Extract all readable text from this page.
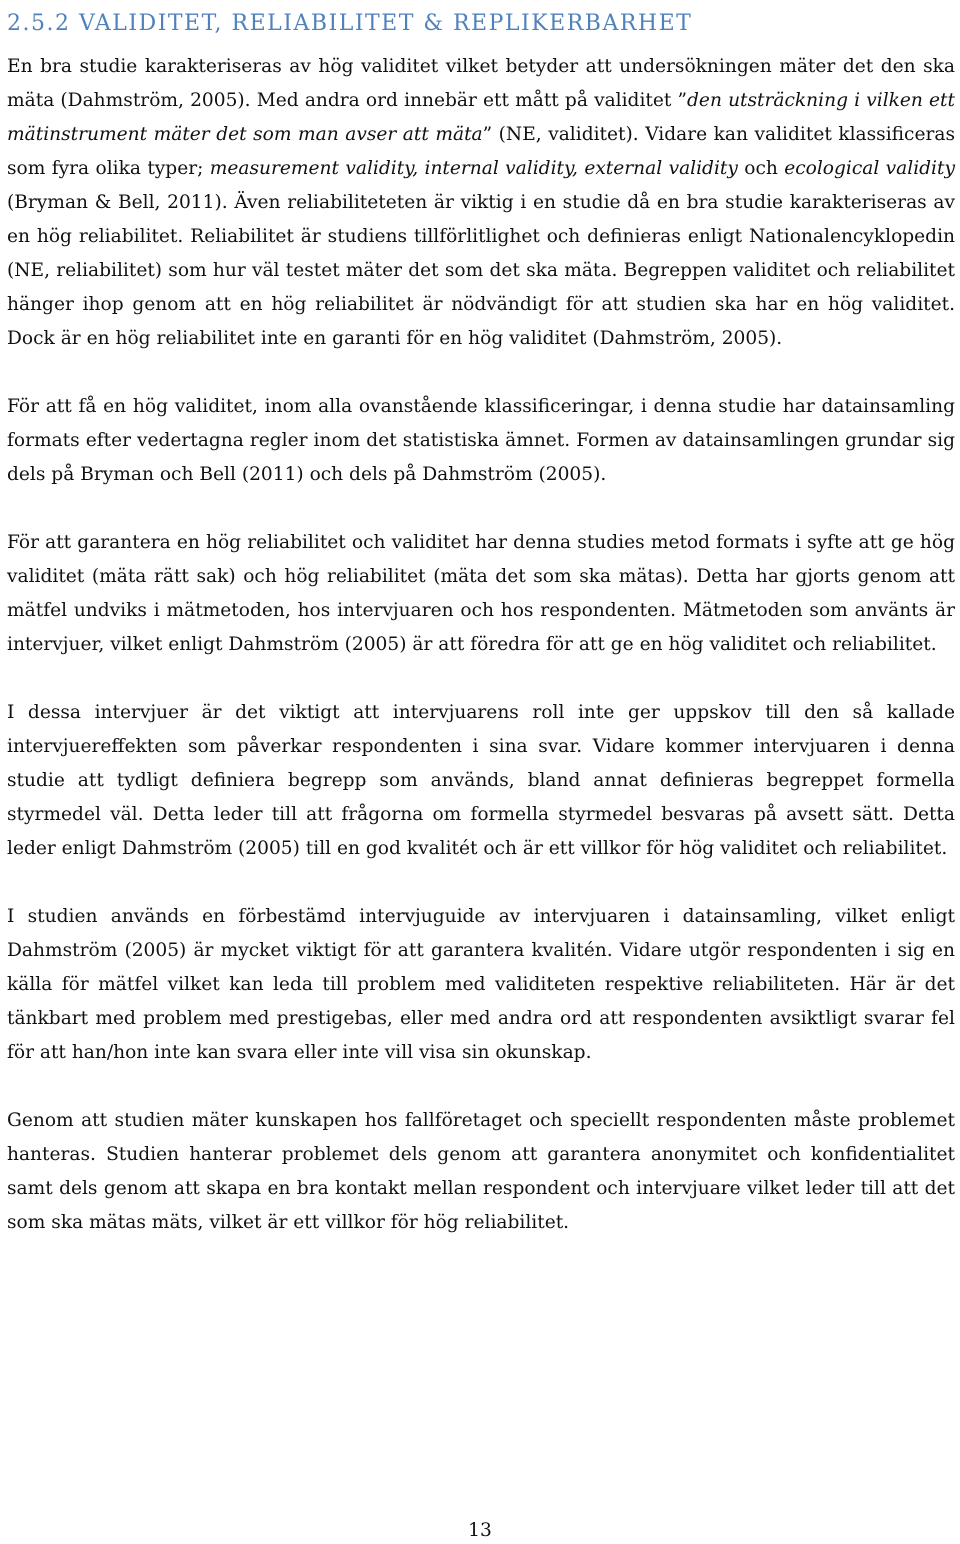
2.5.2 VALIDITET, RELIABILITET & REPLIKERBARHET

En bra studie karakteriseras av hög validitet vilket betyder att undersökningen mäter det den ska mäta (Dahmström, 2005). Med andra ord innebär ett mått på validitet ”den utsträckning i vilken ett mätinstrument mäter det som man avser att mäta” (NE, validitet). Vidare kan validitet klassificeras som fyra olika typer; measurement validity, internal validity, external validity och ecological validity (Bryman & Bell, 2011). Även reliabiliteteten är viktig i en studie då en bra studie karakteriseras av en hög reliabilitet. Reliabilitet är studiens tillförlitlighet och definieras enligt Nationalencyklopedin (NE, reliabilitet) som hur väl testet mäter det som det ska mäta. Begreppen validitet och reliabilitet hänger ihop genom att en hög reliabilitet är nödvändigt för att studien ska har en hög validitet. Dock är en hög reliabilitet inte en garanti för en hög validitet (Dahmström, 2005).

För att få en hög validitet, inom alla ovanstående klassificeringar, i denna studie har datainsamling formats efter vedertagna regler inom det statistiska ämnet. Formen av datainsamlingen grundar sig dels på Bryman och Bell (2011) och dels på Dahmström (2005).

För att garantera en hög reliabilitet och validitet har denna studies metod formats i syfte att ge hög validitet (mäta rätt sak) och hög reliabilitet (mäta det som ska mätas). Detta har gjorts genom att mätfel undviks i mätmetoden, hos intervjuaren och hos respondenten. Mätmetoden som använts är intervjuer, vilket enligt Dahmström (2005) är att föredra för att ge en hög validitet och reliabilitet.

I dessa intervjuer är det viktigt att intervjuarens roll inte ger uppskov till den så kallade intervjuereffekten som påverkar respondenten i sina svar. Vidare kommer intervjuaren i denna studie att tydligt definiera begrepp som används, bland annat definieras begreppet formella styrmedel väl. Detta leder till att frågorna om formella styrmedel besvaras på avsett sätt. Detta leder enligt Dahmström (2005) till en god kvalitét och är ett villkor för hög validitet och reliabilitet.

I studien används en förbestämd intervjuguide av intervjuaren i datainsamling, vilket enligt Dahmström (2005) är mycket viktigt för att garantera kvalitén. Vidare utgör respondenten i sig en källa för mätfel vilket kan leda till problem med validiteten respektive reliabiliteten. Här är det tänkbart med problem med prestigebas, eller med andra ord att respondenten avsiktligt svarar fel för att han/hon inte kan svara eller inte vill visa sin okunskap.

Genom att studien mäter kunskapen hos fallföretaget och speciellt respondenten måste problemet hanteras. Studien hanterar problemet dels genom att garantera anonymitet och konfidentialitet samt dels genom att skapa en bra kontakt mellan respondent och intervjuare vilket leder till att det som ska mätas mäts, vilket är ett villkor för hög reliabilitet.

13
